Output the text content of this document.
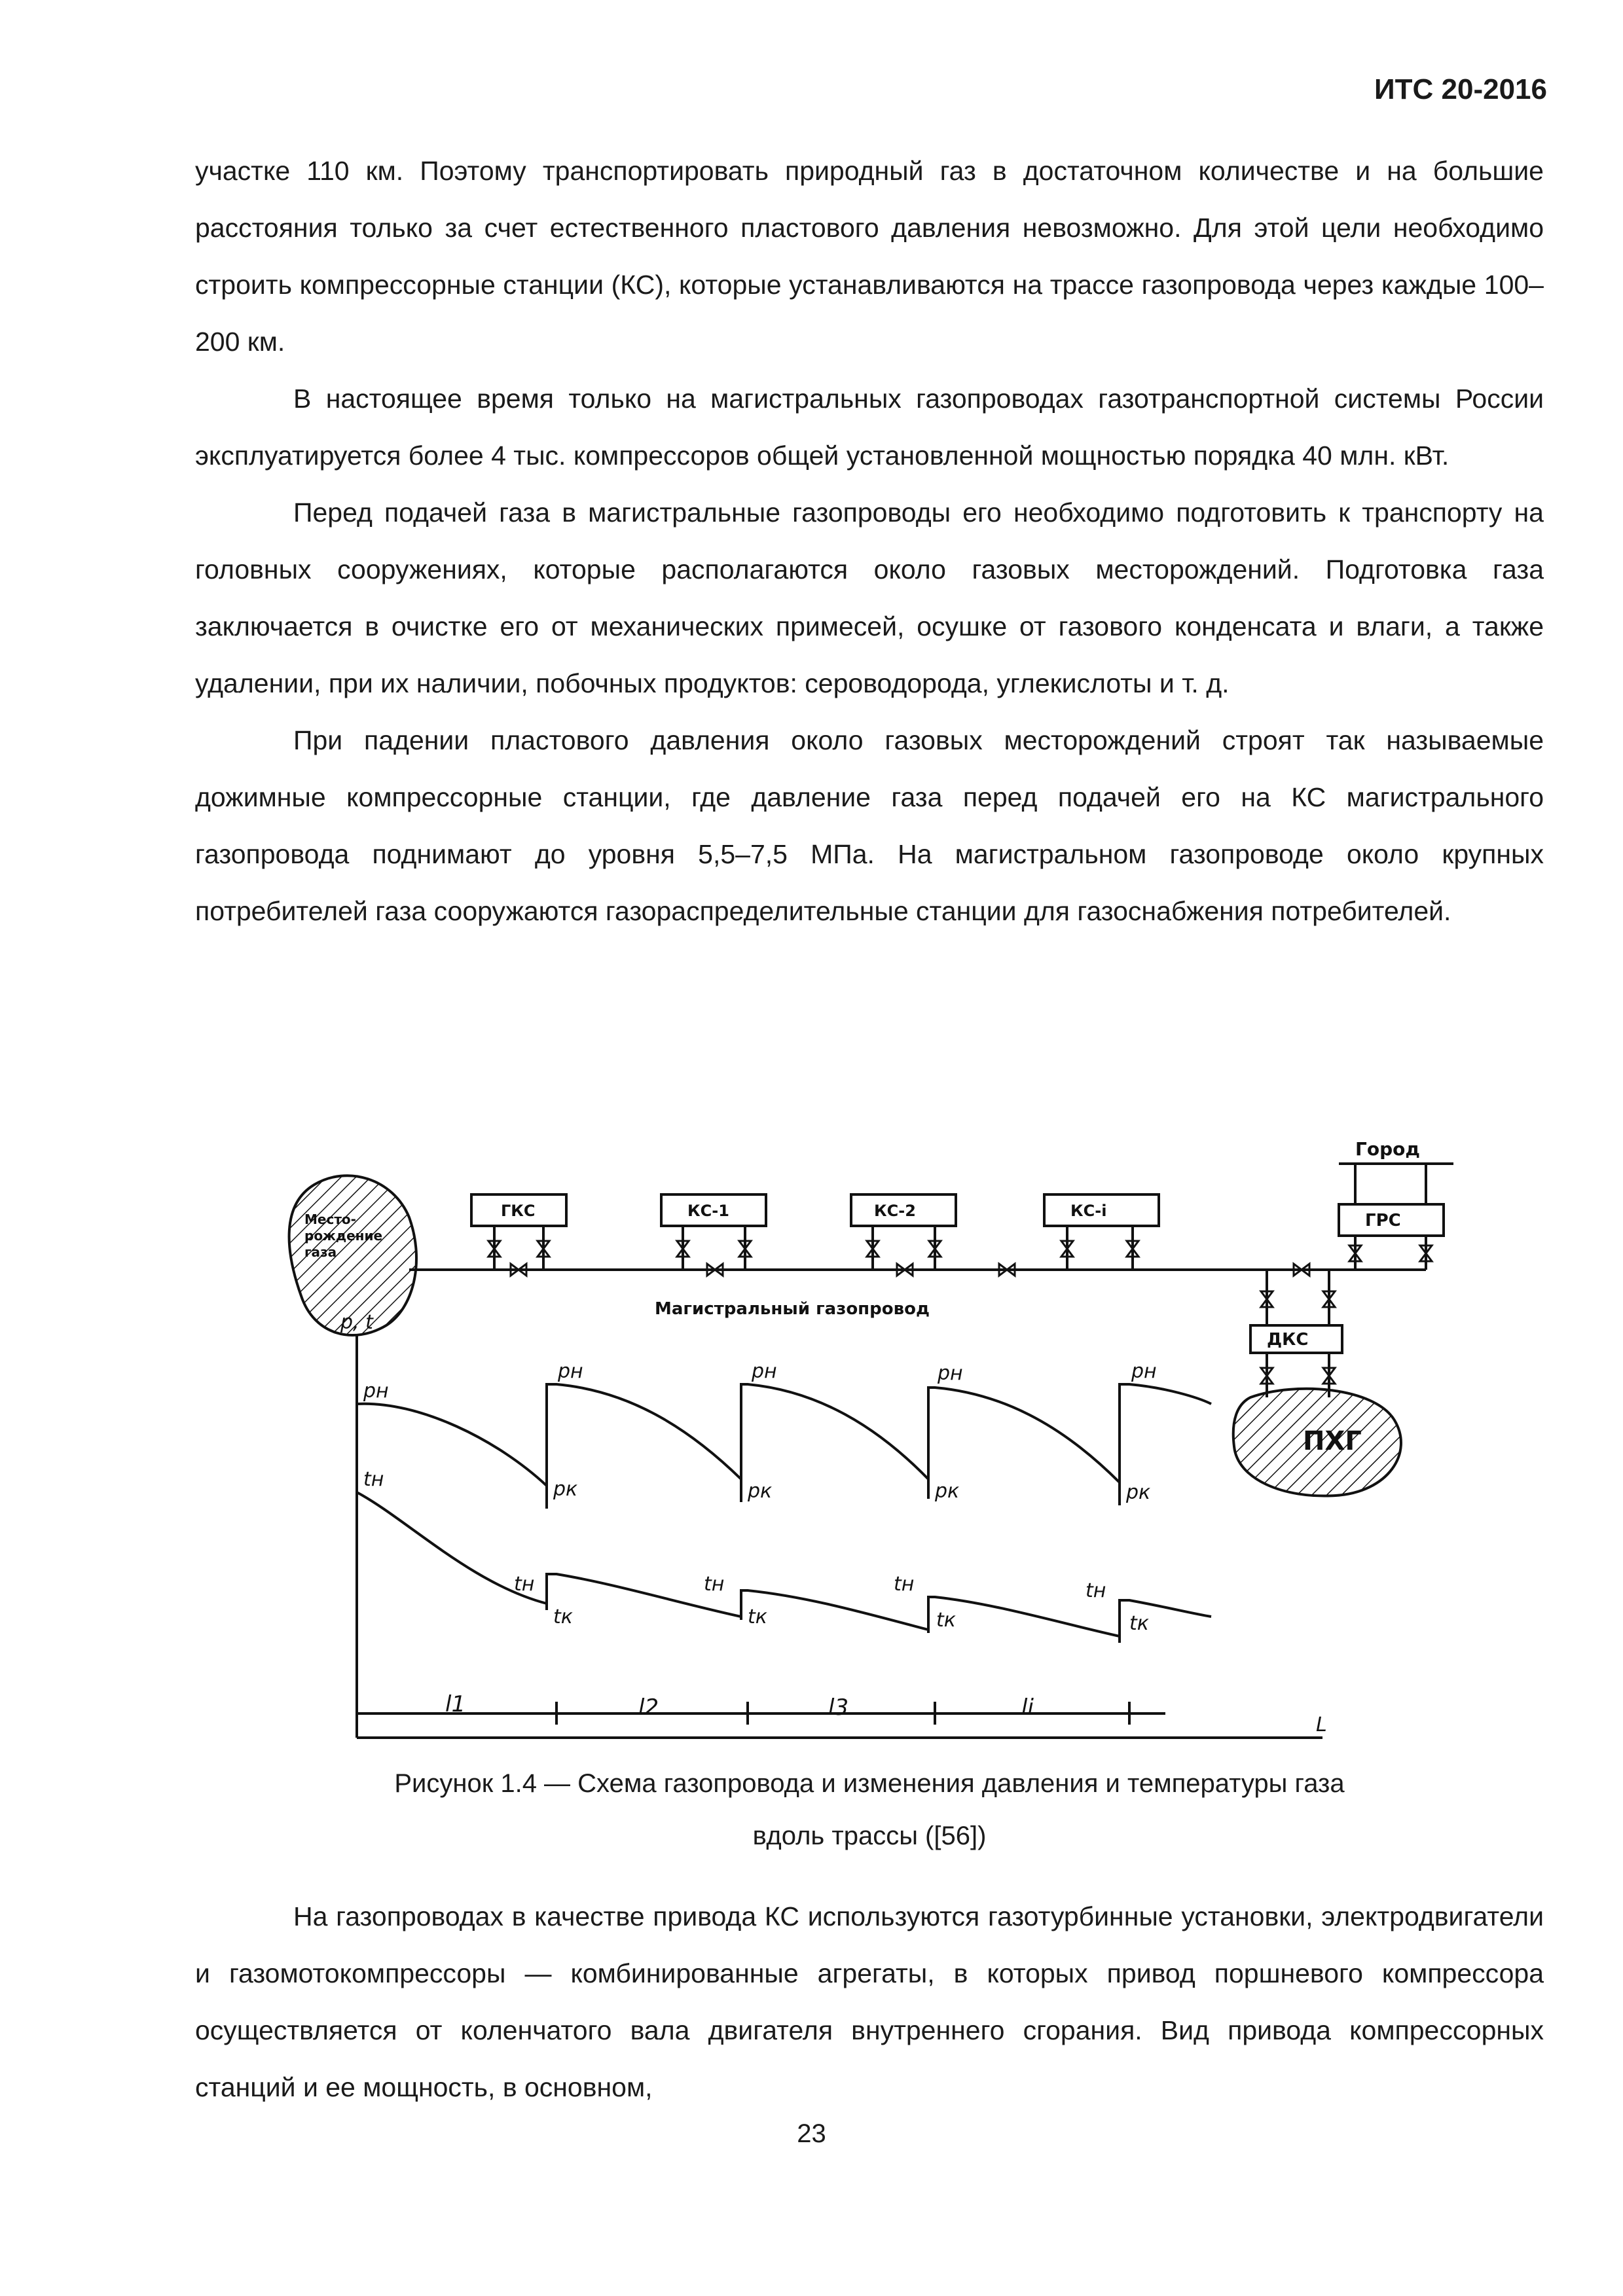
ИТС 20-2016

участке 110 км. Поэтому транспортировать природный газ в достаточном количестве и на большие расстояния только за счет естественного пластового давления невозможно. Для этой цели необходимо строить компрессорные станции (КС), которые устанавливаются на трассе газопровода через каждые 100–200 км.

В настоящее время только на магистральных газопроводах газотранспортной системы России эксплуатируется более 4 тыс. компрессоров общей установленной мощностью порядка 40 млн. кВт.

Перед подачей газа в магистральные газопроводы его необходимо подготовить к транспорту на головных сооружениях, которые располагаются около газовых месторождений. Подготовка газа заключается в очистке его от механических примесей, осушке от газового конденсата и влаги, а также удалении, при их наличии, побочных продуктов: сероводорода, углекислоты и т. д.

При падении пластового давления около газовых месторождений строят так называемые дожимные компрессорные станции, где давление газа перед подачей его на КС магистрального газопровода поднимают до уровня 5,5–7,5 МПа. На магистральном газопроводе около крупных потребителей газа сооружаются газораспределительные станции для газоснабжения потребителей.

Место-
рождение
газа
ГКС	КС-1	КС-2	КС-i	ГРС
ДКС
Город
ПХГ
Магистральный газопровод
p, t
L
pн
pн	pн	pн	pн
pк	pк	pк	pк
tн
tн	tн	tн	tн
tк	tк	tк	tк
l1	l2	l3	li
Рисунок 1.4 — Схема газопровода и изменения давления и температуры газа
вдоль трассы ([56])

На газопроводах в качестве привода КС используются газотурбинные установки, электродвигатели и газомотокомпрессоры — комбинированные агрегаты, в которых привод поршневого компрессора осуществляется от коленчатого вала двигателя внутреннего сгорания. Вид привода компрессорных станций и ее мощность, в основном,

23
